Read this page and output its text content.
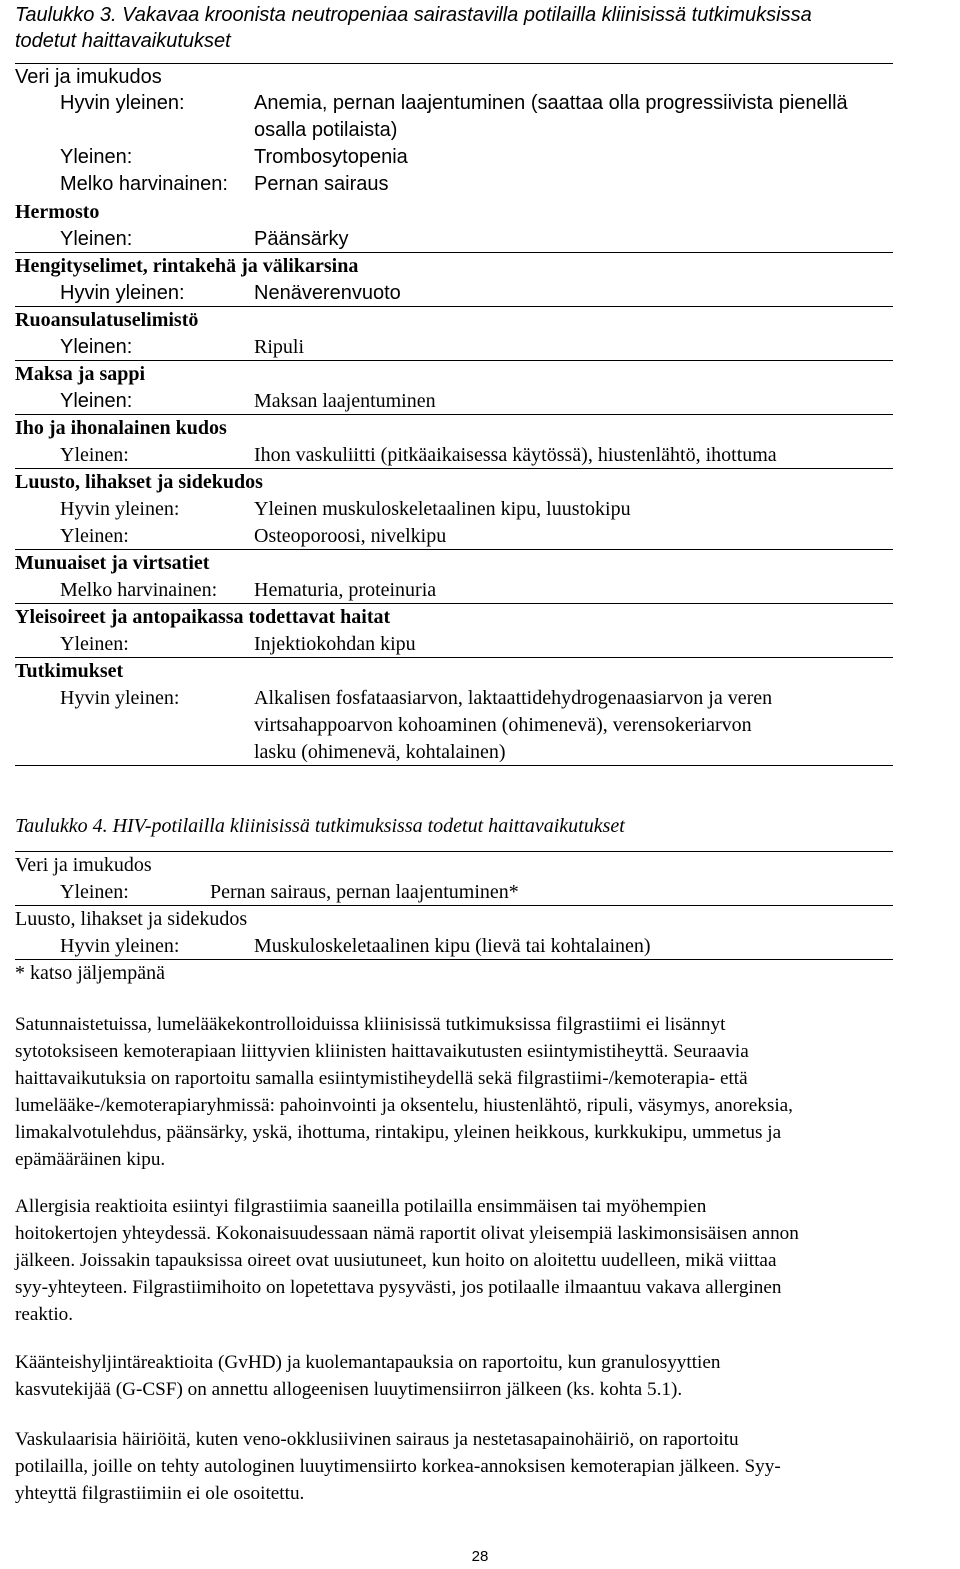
Taulukko 3. Vakavaa kroonista neutropeniaa sairastavilla potilailla kliinisissä tutkimuksissa
todetut haittavaikutukset
Veri ja imukudos
Hyvin yleinen:	Anemia, pernan laajentuminen (saattaa olla progressiivista pienellä
osalla potilaista)
Yleinen:	Trombosytopenia
Melko harvinainen: Pernan sairaus
Hermosto
Yleinen:	Päänsärky
Hengityselimet, rintakehä ja välikarsina
Hyvin yleinen:	Nenäverenvuoto
Ruoansulatuselimistö
Yleinen:	Ripuli
Maksa ja sappi
Yleinen:	Maksan laajentuminen
Iho ja ihonalainen kudos
Yleinen:	Ihon vaskuliitti (pitkäaikaisessa käytössä), hiustenlähtö, ihottuma
Luusto, lihakset ja sidekudos
Hyvin yleinen:	Yleinen muskuloskeletaalinen kipu, luustokipu
Yleinen:	Osteoporoosi, nivelkipu
Munuaiset ja virtsatiet
Melko harvinainen: Hematuria, proteinuria
Yleisoireet ja antopaikassa todettavat haitat
Yleinen:	Injektiokohdan kipu
Tutkimukset
Hyvin yleinen:	Alkalisen fosfataasiarvon, laktaattidehydrogenaasiarvon ja veren
virtsahappoarvon kohoaminen (ohimenevä), verensokeriarvon
lasku (ohimenevä, kohtalainen)
Taulukko 4. HIV-potilailla kliinisissä tutkimuksissa todetut haittavaikutukset
Veri ja imukudos
Yleinen:	Pernan sairaus, pernan laajentuminen*
Luusto, lihakset ja sidekudos
Hyvin yleinen:	Muskuloskeletaalinen kipu (lievä tai kohtalainen)
* katso jäljempänä
Satunnaistetuissa, lumelääkekontrolloiduissa kliinisissä tutkimuksissa filgrastiimi ei lisännyt
sytotoksiseen kemoterapiaan liittyvien kliinisten haittavaikutusten esiintymistiheyttä. Seuraavia
haittavaikutuksia on raportoitu samalla esiintymistiheydellä sekä filgrastiimi-/kemoterapia- että
lumelääke-/kemoterapiaryhmissä: pahoinvointi ja oksentelu, hiustenlähtö, ripuli, väsymys, anoreksia,
limakalvotulehdus, päänsärky, yskä, ihottuma, rintakipu, yleinen heikkous, kurkkukipu, ummetus ja
epämääräinen kipu.
Allergisia reaktioita esiintyi filgrastiimia saaneilla potilailla ensimmäisen tai myöhempien
hoitokertojen yhteydessä. Kokonaisuudessaan nämä raportit olivat yleisempiä laskimonsisäisen annon
jälkeen. Joissakin tapauksissa oireet ovat uusiutuneet, kun hoito on aloitettu uudelleen, mikä viittaa
syy-yhteyteen. Filgrastiimihoito on lopetettava pysyvästi, jos potilaalle ilmaantuu vakava allerginen
reaktio.
Käänteishyljintäreaktioita (GvHD) ja kuolemantapauksia on raportoitu, kun granulosyyttien
kasvutekijää (G-CSF) on annettu allogeenisen luuytimensiirron jälkeen (ks. kohta 5.1).
Vaskulaarisia häiriöitä, kuten veno-okklusiivinen sairaus ja nestetasapainohäiriö, on raportoitu
potilailla, joille on tehty autologinen luuytimensiirto korkea-annoksisen kemoterapian jälkeen. Syy-
yhteyttä filgrastiimiin ei ole osoitettu.
28
